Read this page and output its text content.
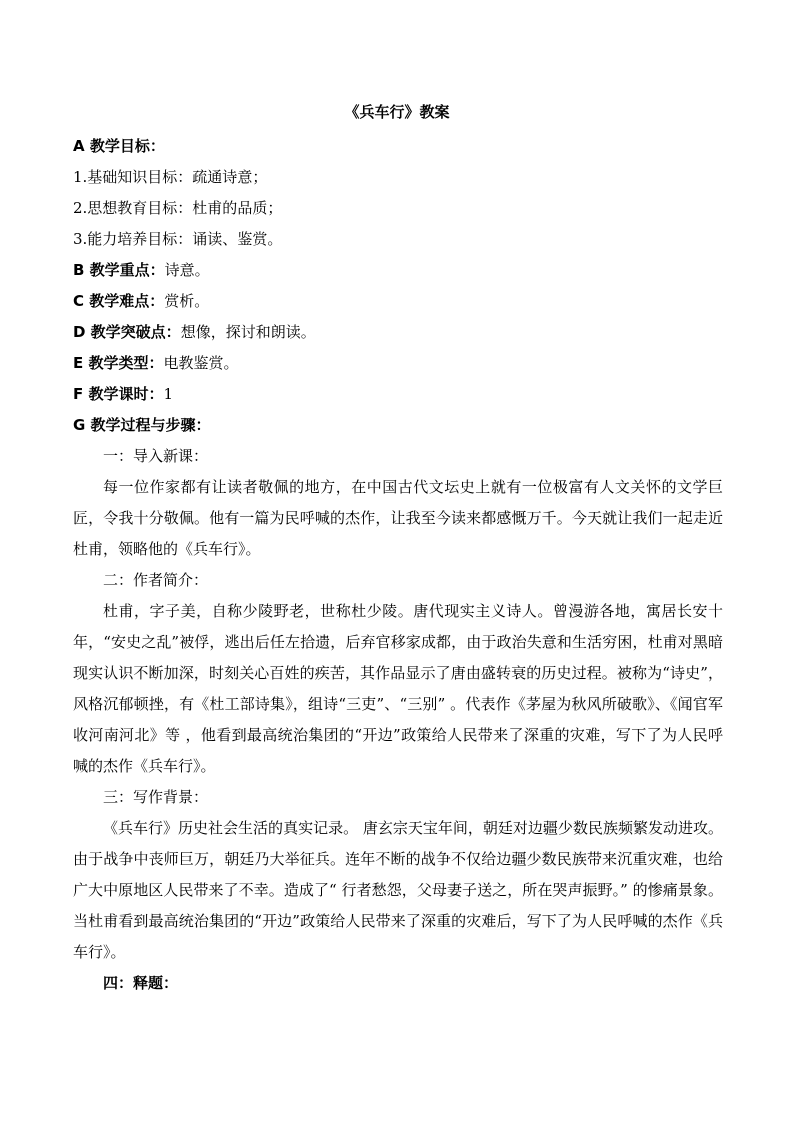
《兵车行》教案
A 教学目标：
1.基础知识目标：疏通诗意；
2.思想教育目标：杜甫的品质；
3.能力培养目标：诵读、鉴赏。
B 教学重点：诗意。
C 教学难点：赏析。
D 教学突破点：想像，探讨和朗读。
E 教学类型：电教鉴赏。
F 教学课时：1
G 教学过程与步骤：
一：导入新课：

每一位作家都有让读者敬佩的地方，在中国古代文坛史上就有一位极富有人文关怀的文学巨匠，令我十分敬佩。他有一篇为民呼喊的杰作，让我至今读来都感慨万千。今天就让我们一起走近杜甫，领略他的《兵车行》。

二：作者简介：

杜甫，字子美，自称少陵野老，世称杜少陵。唐代现实主义诗人。曾漫游各地，寓居长安十年，“安史之乱”被俘，逃出后任左拾遗，后弃官移家成都，由于政治失意和生活穷困，杜甫对黑暗现实认识不断加深，时刻关心百姓的疾苦，其作品显示了唐由盛转衰的历史过程。被称为“诗史”，风格沉郁顿挫，有《杜工部诗集》，组诗“三吏”、“三别” 。代表作《茅屋为秋风所破歌》、《闻官军收河南河北》等 ，他看到最高统治集团的“开边”政策给人民带来了深重的灾难，写下了为人民呼喊的杰作《兵车行》。

三：写作背景：

《兵车行》历史社会生活的真实记录。 唐玄宗天宝年间，朝廷对边疆少数民族频繁发动进攻。由于战争中丧师巨万，朝廷乃大举征兵。连年不断的战争不仅给边疆少数民族带来沉重灾难，也给广大中原地区人民带来了不幸。造成了“ 行者愁怨，父母妻子送之，所在哭声振野。” 的惨痛景象。当杜甫看到最高统治集团的“开边”政策给人民带来了深重的灾难后，写下了为人民呼喊的杰作《兵车行》。

四：释题：
